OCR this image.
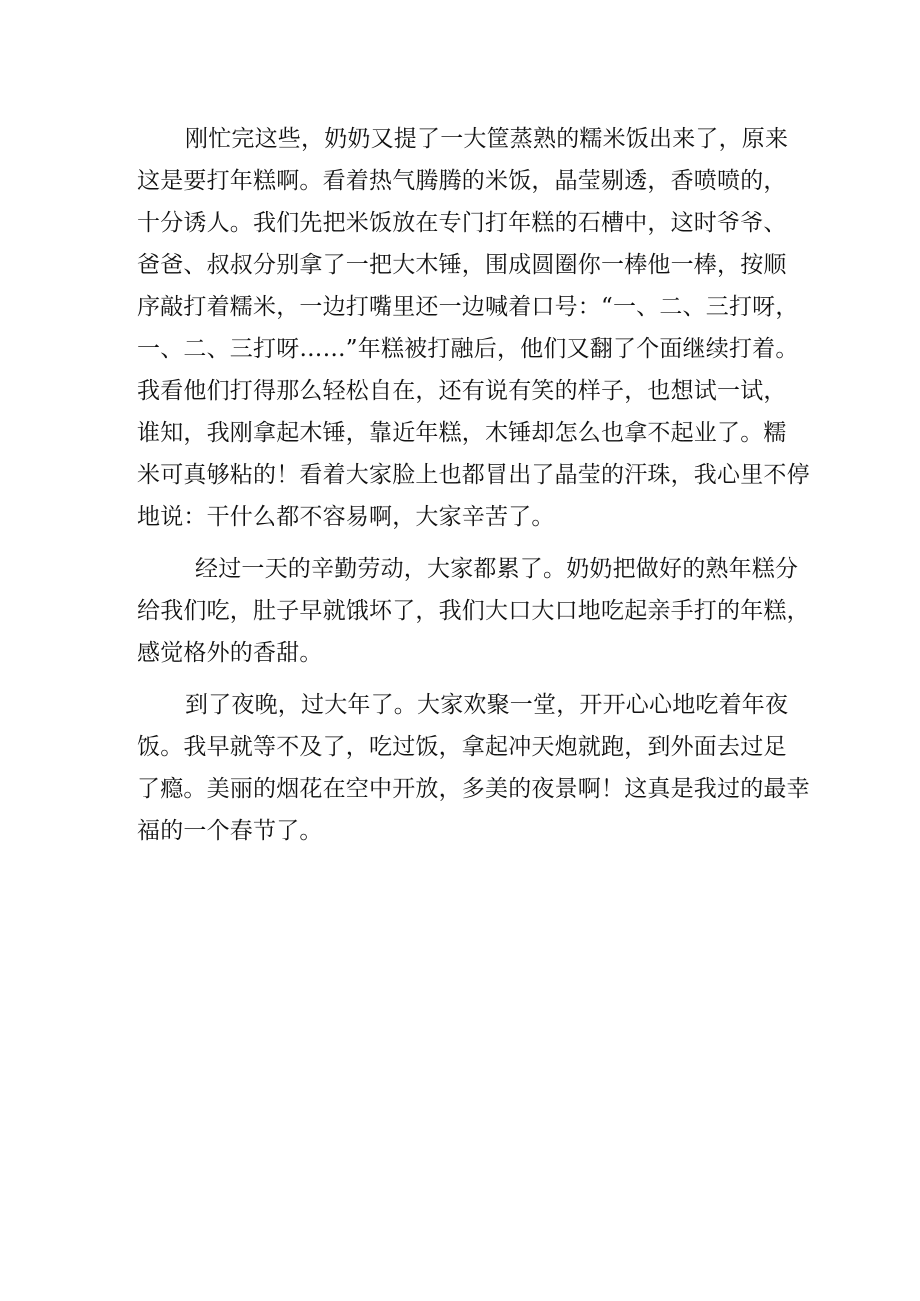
刚忙完这些，奶奶又提了一大筐蒸熟的糯米饭出来了，原来
这是要打年糕啊。看着热气腾腾的米饭，晶莹剔透，香喷喷的，
十分诱人。我们先把米饭放在专门打年糕的石槽中，这时爷爷、
爸爸、叔叔分别拿了一把大木锤，围成圆圈你一棒他一棒，按顺
序敲打着糯米，一边打嘴里还一边喊着口号：“一、二、三打呀，
一、二、三打呀……”年糕被打融后，他们又翻了个面继续打着。
我看他们打得那么轻松自在，还有说有笑的样子，也想试一试，
谁知，我刚拿起木锤，靠近年糕，木锤却怎么也拿不起业了。糯
米可真够粘的！看着大家脸上也都冒出了晶莹的汗珠，我心里不停
地说：干什么都不容易啊，大家辛苦了。
经过一天的辛勤劳动，大家都累了。奶奶把做好的熟年糕分
给我们吃，肚子早就饿坏了，我们大口大口地吃起亲手打的年糕，
感觉格外的香甜。
到了夜晚，过大年了。大家欢聚一堂，开开心心地吃着年夜
饭。我早就等不及了，吃过饭，拿起冲天炮就跑，到外面去过足
了瘾。美丽的烟花在空中开放，多美的夜景啊！这真是我过的最幸
福的一个春节了。
